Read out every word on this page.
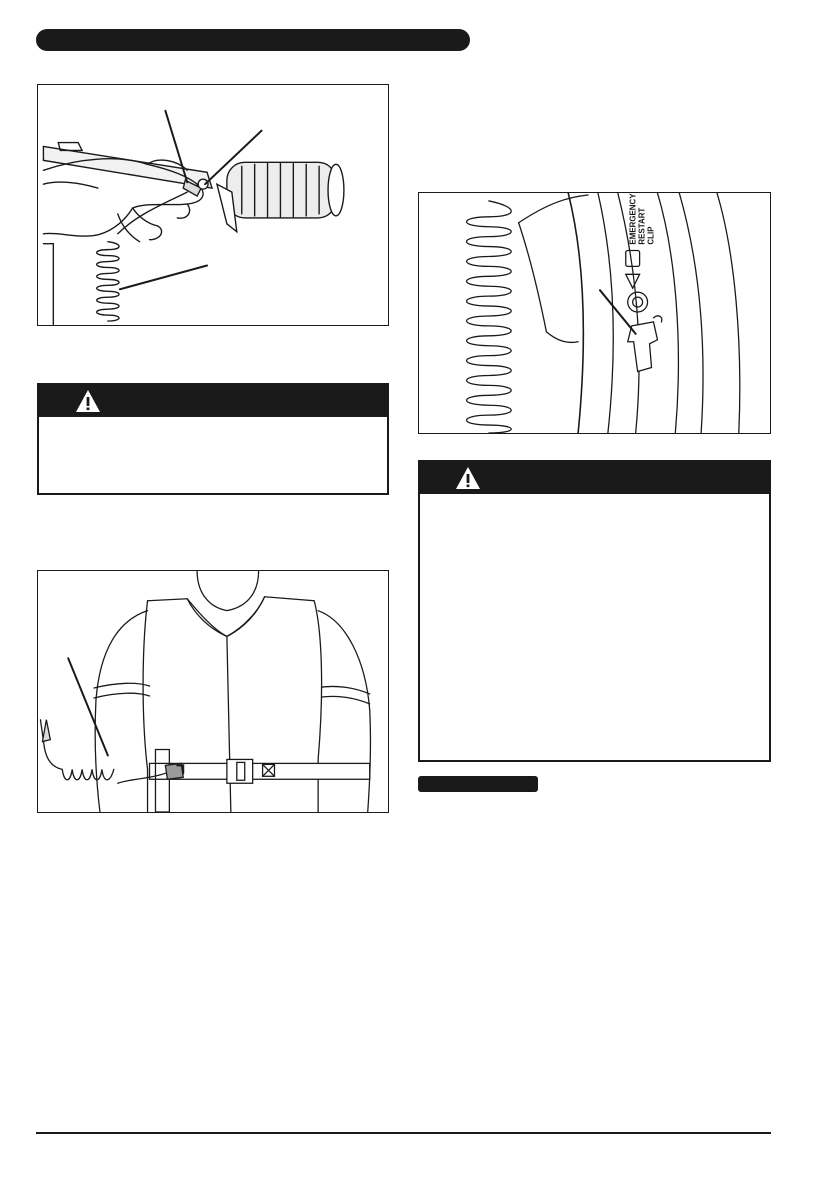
EMERGENCY RESTART CLIP
